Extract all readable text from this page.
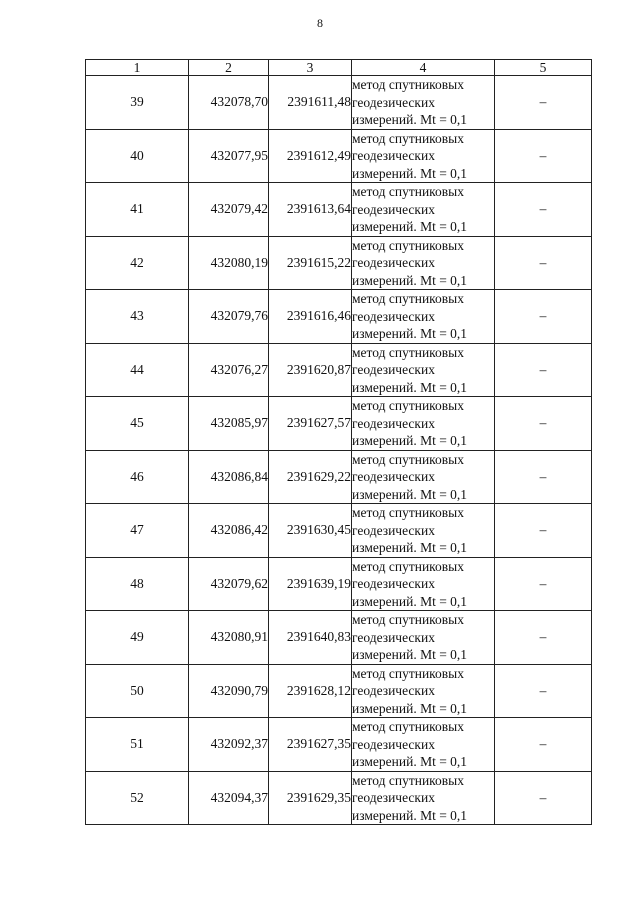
8
1	2	3	4	5
39	432078,70	2391611,48	метод спутниковых
геодезических
измерений. Mt = 0,1	–
40	432077,95	2391612,49	метод спутниковых
геодезических
измерений. Mt = 0,1	–
41	432079,42	2391613,64	метод спутниковых
геодезических
измерений. Mt = 0,1	–
42	432080,19	2391615,22	метод спутниковых
геодезических
измерений. Mt = 0,1	–
43	432079,76	2391616,46	метод спутниковых
геодезических
измерений. Mt = 0,1	–
44	432076,27	2391620,87	метод спутниковых
геодезических
измерений. Mt = 0,1	–
45	432085,97	2391627,57	метод спутниковых
геодезических
измерений. Mt = 0,1	–
46	432086,84	2391629,22	метод спутниковых
геодезических
измерений. Mt = 0,1	–
47	432086,42	2391630,45	метод спутниковых
геодезических
измерений. Mt = 0,1	–
48	432079,62	2391639,19	метод спутниковых
геодезических
измерений. Mt = 0,1	–
49	432080,91	2391640,83	метод спутниковых
геодезических
измерений. Mt = 0,1	–
50	432090,79	2391628,12	метод спутниковых
геодезических
измерений. Mt = 0,1	–
51	432092,37	2391627,35	метод спутниковых
геодезических
измерений. Mt = 0,1	–
52	432094,37	2391629,35	метод спутниковых
геодезических
измерений. Mt = 0,1	–
